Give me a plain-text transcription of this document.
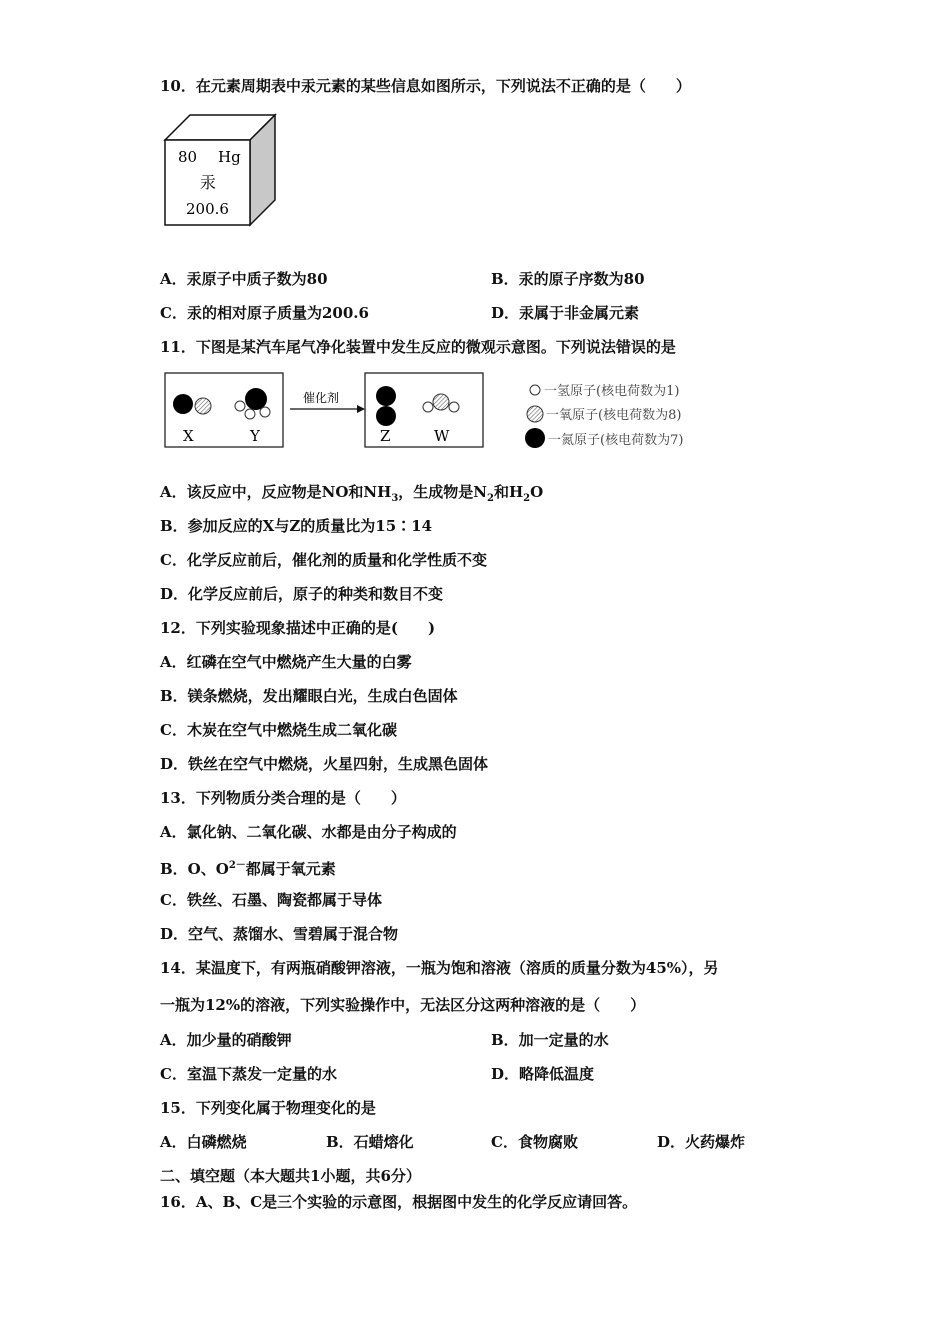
10．在元素周期表中汞元素的某些信息如图所示，下列说法不正确的是（　　）
80 Hg
汞
200.6
A．汞原子中质子数为80	B．汞的原子序数为80
C．汞的相对原子质量为200.6	D．汞属于非金属元素
11．下图是某汽车尾气净化装置中发生反应的微观示意图。下列说法错误的是
X	Y
催化剂
Z	W
一氢原子(核电荷数为1)
一氧原子(核电荷数为8)
一氮原子(核电荷数为7)
A．该反应中，反应物是NO和$NH_3$，生成物是$N_2$和$H_2O$
B．参加反应的X与Z的质量比为15∶14
C．化学反应前后，催化剂的质量和化学性质不变
D．化学反应前后，原子的种类和数目不变
12．下列实验现象描述中正确的是(　　)
A．红磷在空气中燃烧产生大量的白雾
B．镁条燃烧，发出耀眼白光，生成白色固体
C．木炭在空气中燃烧生成二氧化碳
D．铁丝在空气中燃烧，火星四射，生成黑色固体
13．下列物质分类合理的是（　　）
A．氯化钠、二氧化碳、水都是由分子构成的
B．O、$O^{2-}$都属于氧元素
C．铁丝、石墨、陶瓷都属于导体
D．空气、蒸馏水、雪碧属于混合物
14．某温度下，有两瓶硝酸钾溶液，一瓶为饱和溶液（溶质的质量分数为45%），另
一瓶为12%的溶液，下列实验操作中，无法区分这两种溶液的是（　　）
A．加少量的硝酸钾	B．加一定量的水
C．室温下蒸发一定量的水	D．略降低温度
15．下列变化属于物理变化的是
A．白磷燃烧	B．石蜡熔化	C．食物腐败	D．火药爆炸
二、填空题（本大题共1小题，共6分）
16．A、B、C是三个实验的示意图，根据图中发生的化学反应请回答。
